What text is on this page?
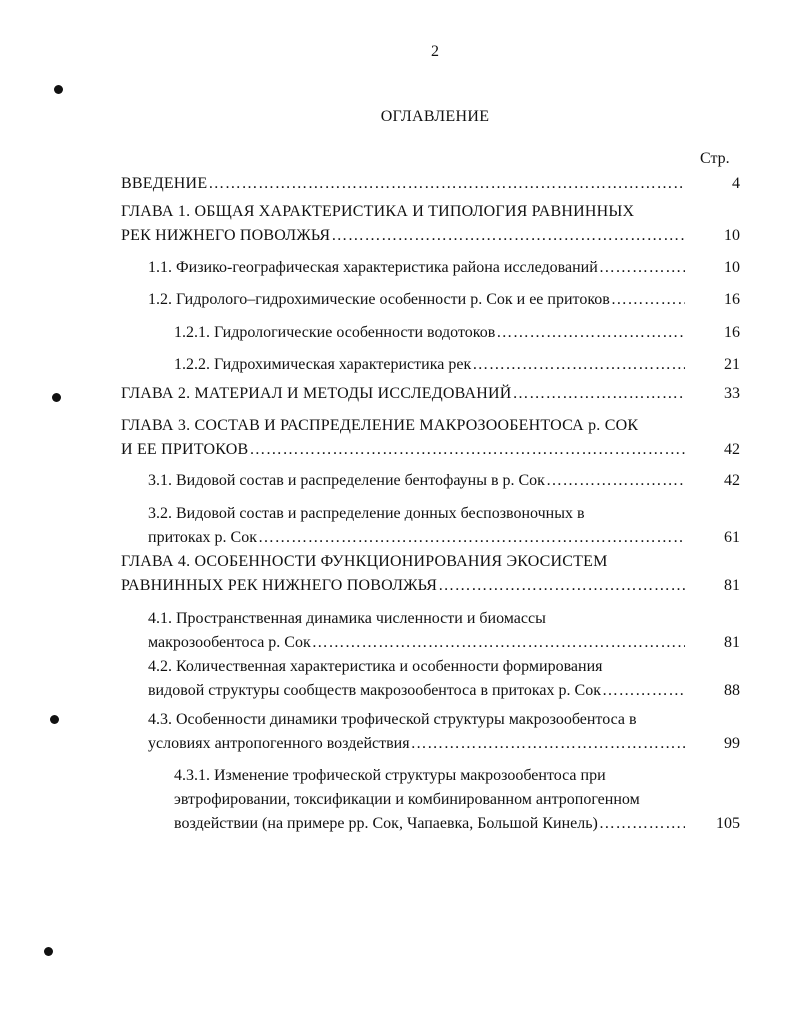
2
ОГЛАВЛЕНИЕ
Стр.
ВВЕДЕНИЕ …………………………………………………………………………………………………………………………	4
ГЛАВА 1. ОБЩАЯ ХАРАКТЕРИСТИКА И ТИПОЛОГИЯ РАВНИННЫХ
РЕК НИЖНЕГО ПОВОЛЖЬЯ …………………………………………………………………………………………………………………………	10
1.1. Физико-географическая характеристика района исследований …………………………………………………………………………………………………………………………	10
1.2. Гидролого–гидрохимические особенности р. Сок и ее притоков …………………………………………………………………………………………………………………………	16
1.2.1. Гидрологические особенности водотоков …………………………………………………………………………………………………………………………	16
1.2.2. Гидрохимическая характеристика рек …………………………………………………………………………………………………………………………	21
ГЛАВА 2. МАТЕРИАЛ И МЕТОДЫ ИССЛЕДОВАНИЙ …………………………………………………………………………………………………………………………	33
ГЛАВА 3. СОСТАВ И РАСПРЕДЕЛЕНИЕ МАКРОЗООБЕНТОСА р. СОК
И ЕЕ ПРИТОКОВ …………………………………………………………………………………………………………………………	42
3.1. Видовой состав и распределение бентофауны в р. Сок …………………………………………………………………………………………………………………………	42
3.2. Видовой состав и распределение донных беспозвоночных в
притоках р. Сок …………………………………………………………………………………………………………………………	61
ГЛАВА 4. ОСОБЕННОСТИ ФУНКЦИОНИРОВАНИЯ ЭКОСИСТЕМ
РАВНИННЫХ РЕК НИЖНЕГО ПОВОЛЖЬЯ …………………………………………………………………………………………………………………………	81
4.1. Пространственная динамика численности и биомассы
макрозообентоса р. Сок …………………………………………………………………………………………………………………………	81
4.2. Количественная характеристика и особенности формирования
видовой структуры сообществ макрозообентоса в притоках р. Сок …………………………………………………………………………………………………………………………	88
4.3. Особенности динамики трофической структуры макрозообентоса в
условиях антропогенного воздействия …………………………………………………………………………………………………………………………	99
4.3.1. Изменение трофической структуры макрозообентоса при
эвтрофировании, токсификации и комбинированном антропогенном
воздействии (на примере рр. Сок, Чапаевка, Большой Кинель) …………………………………………………………………………………………………………………………	105
